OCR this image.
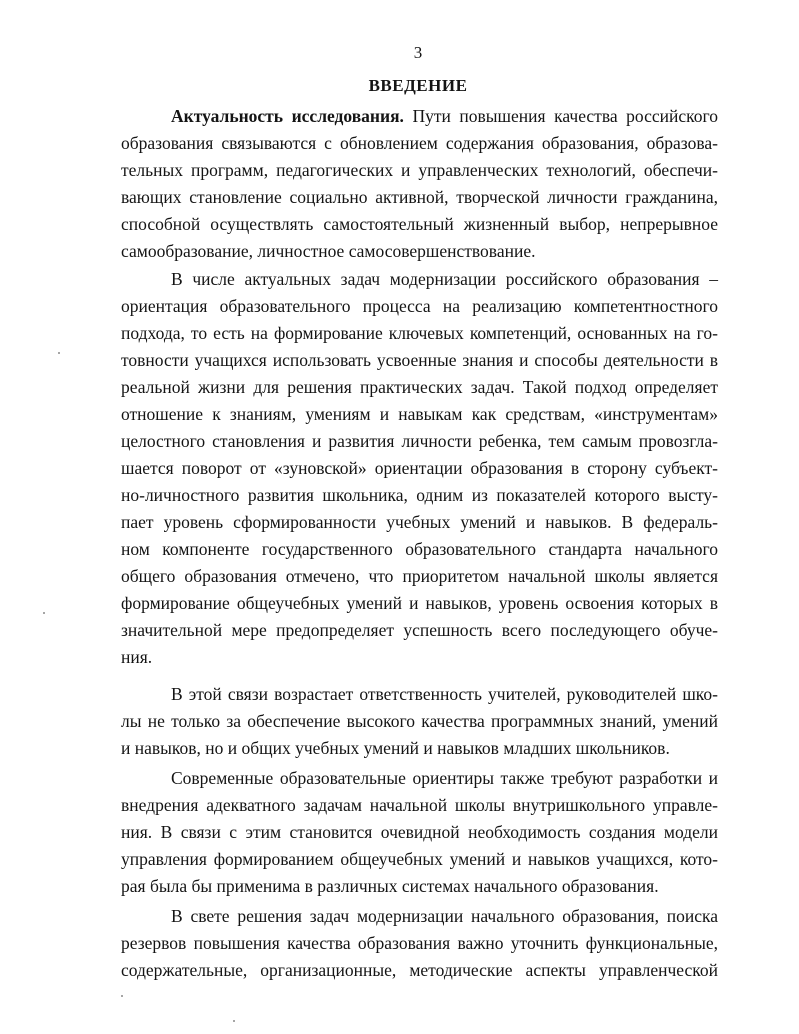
3
ВВЕДЕНИЕ
Актуальность исследования. Пути повышения качества российского
образования связываются с обновлением содержания образования, образова-
тельных программ, педагогических и управленческих технологий, обеспечи-
вающих становление социально активной, творческой личности гражданина,
способной осуществлять самостоятельный жизненный выбор, непрерывное
самообразование, личностное самосовершенствование.
В числе актуальных задач модернизации российского образования –
ориентация образовательного процесса на реализацию компетентностного
подхода, то есть на формирование ключевых компетенций, основанных на го-
товности учащихся использовать усвоенные знания и способы деятельности в
реальной жизни для решения практических задач. Такой подход определяет
отношение к знаниям, умениям и навыкам как средствам, «инструментам»
целостного становления и развития личности ребенка, тем самым провозгла-
шается поворот от «зуновской» ориентации образования в сторону субъект-
но-личностного развития школьника, одним из показателей которого высту-
пает уровень сформированности учебных умений и навыков. В федераль-
ном компоненте государственного образовательного стандарта начального
общего образования отмечено, что приоритетом начальной школы является
формирование общеучебных умений и навыков, уровень освоения которых в
значительной мере предопределяет успешность всего последующего обуче-
ния.
В этой связи возрастает ответственность учителей, руководителей шко-
лы не только за обеспечение высокого качества программных знаний, умений
и навыков, но и общих учебных умений и навыков младших школьников.
Современные образовательные ориентиры также требуют разработки и
внедрения адекватного задачам начальной школы внутришкольного управле-
ния. В связи с этим становится очевидной необходимость создания модели
управления формированием общеучебных умений и навыков учащихся, кото-
рая была бы применима в различных системах начального образования.
В свете решения задач модернизации начального образования, поиска
резервов повышения качества образования важно уточнить функциональные,
содержательные, организационные, методические аспекты управленческой
